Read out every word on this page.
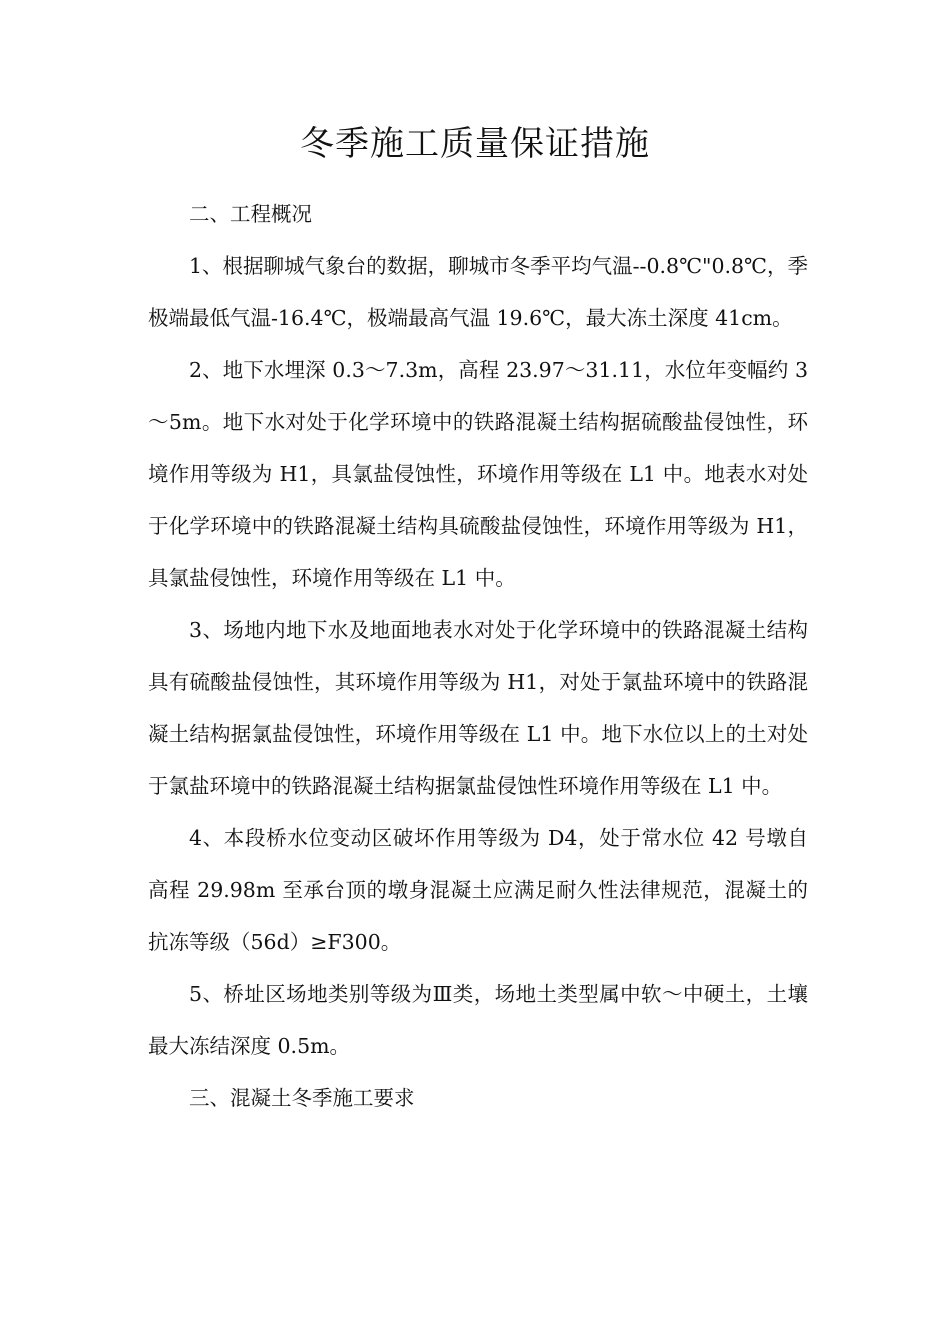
冬季施工质量保证措施

二、工程概况

1、根据聊城气象台的数据，聊城市冬季平均气温--0.8℃"0.8℃，季极端最低气温-16.4℃，极端最高气温 19.6℃，最大冻土深度 41cm。

2、地下水埋深 0.3～7.3m，高程 23.97～31.11，水位年变幅约 3～5m。地下水对处于化学环境中的铁路混凝土结构据硫酸盐侵蚀性，环境作用等级为 H1，具氯盐侵蚀性，环境作用等级在 L1 中。地表水对处于化学环境中的铁路混凝土结构具硫酸盐侵蚀性，环境作用等级为 H1，具氯盐侵蚀性，环境作用等级在 L1 中。

3、场地内地下水及地面地表水对处于化学环境中的铁路混凝土结构具有硫酸盐侵蚀性，其环境作用等级为 H1，对处于氯盐环境中的铁路混凝土结构据氯盐侵蚀性，环境作用等级在 L1 中。地下水位以上的土对处于氯盐环境中的铁路混凝土结构据氯盐侵蚀性环境作用等级在 L1 中。

4、本段桥水位变动区破坏作用等级为 D4，处于常水位 42 号墩自高程 29.98m 至承台顶的墩身混凝土应满足耐久性法律规范，混凝土的抗冻等级（56d）≥F300。

5、桥址区场地类别等级为Ⅲ类，场地土类型属中软～中硬土，土壤最大冻结深度 0.5m。

三、混凝土冬季施工要求
